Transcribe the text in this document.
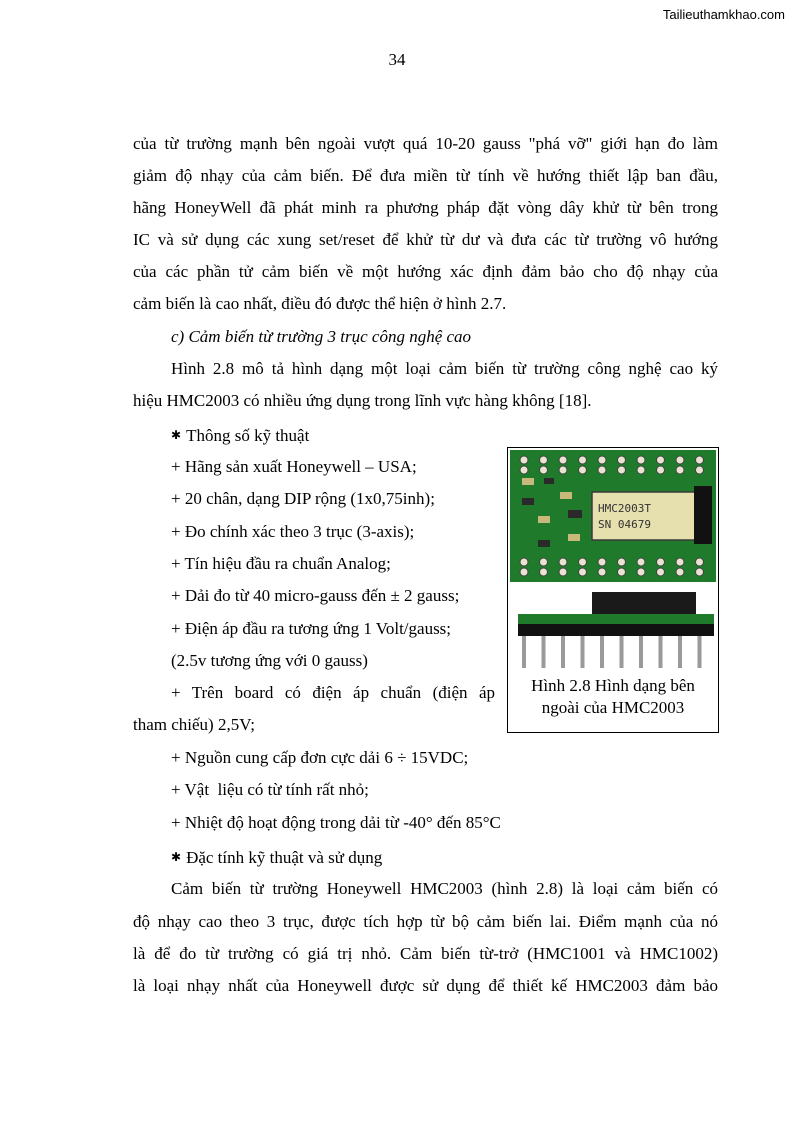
Tailieuthamkhao.com
34
của từ trường mạnh bên ngoài vượt quá 10-20 gauss "phá vỡ" giới hạn đo làm
giảm độ nhạy của cảm biến. Để đưa miền từ tính về hướng thiết lập ban đầu,
hãng HoneyWell đã phát minh ra phương pháp đặt vòng dây khử từ bên trong
IC và sử dụng các xung set/reset để khử từ dư và đưa các từ trường vô hướng
của các phần tử cảm biến về một hướng xác định đảm bảo cho độ nhạy của
cảm biến là cao nhất, điều đó được thể hiện ở hình 2.7.
c) Cảm biến từ trường 3 trục công nghệ cao
Hình 2.8 mô tả hình dạng một loại cảm biến từ trường công nghệ cao ký
hiệu HMC2003 có nhiều ứng dụng trong lĩnh vực hàng không [18].
✱ Thông số kỹ thuật
+ Hãng sản xuất Honeywell – USA;
+ 20 chân, dạng DIP rộng (1x0,75inh);
+ Đo chính xác theo 3 trục (3-axis);
+ Tín hiệu đầu ra chuẩn Analog;
+ Dải đo từ 40 micro-gauss đến ± 2 gauss;
+ Điện áp đầu ra tương ứng 1 Volt/gauss;
(2.5v tương ứng với 0 gauss)
+ Trên board có điện áp chuẩn (điện áp
tham chiếu) 2,5V;
+ Nguồn cung cấp đơn cực dải 6 ÷ 15VDC;
+ Vật  liệu có từ tính rất nhỏ;
+ Nhiệt độ hoạt động trong dải từ -40° đến 85°C
✱ Đặc tính kỹ thuật và sử dụng
Cảm biến từ trường Honeywell HMC2003 (hình 2.8) là loại cảm biến có
độ nhạy cao theo 3 trục, được tích hợp từ bộ cảm biến lai. Điểm mạnh của nó
là để đo từ trường có giá trị nhỏ. Cảm biến từ-trở (HMC1001 và HMC1002)
là loại nhạy nhất của Honeywell được sử dụng để thiết kế HMC2003 đảm bảo
HMC2003T
SN 04679
Hình 2.8 Hình dạng bên
ngoài của HMC2003
